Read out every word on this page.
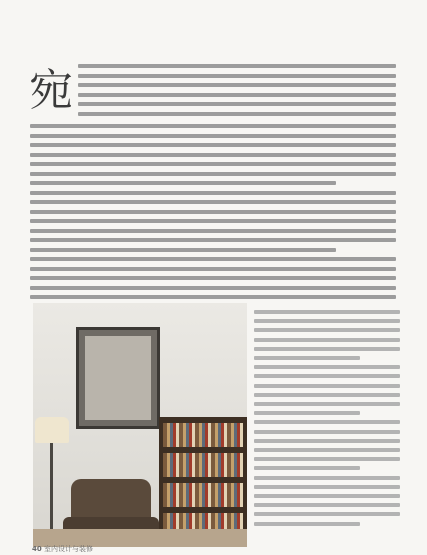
宛
40 室内设计与装修
